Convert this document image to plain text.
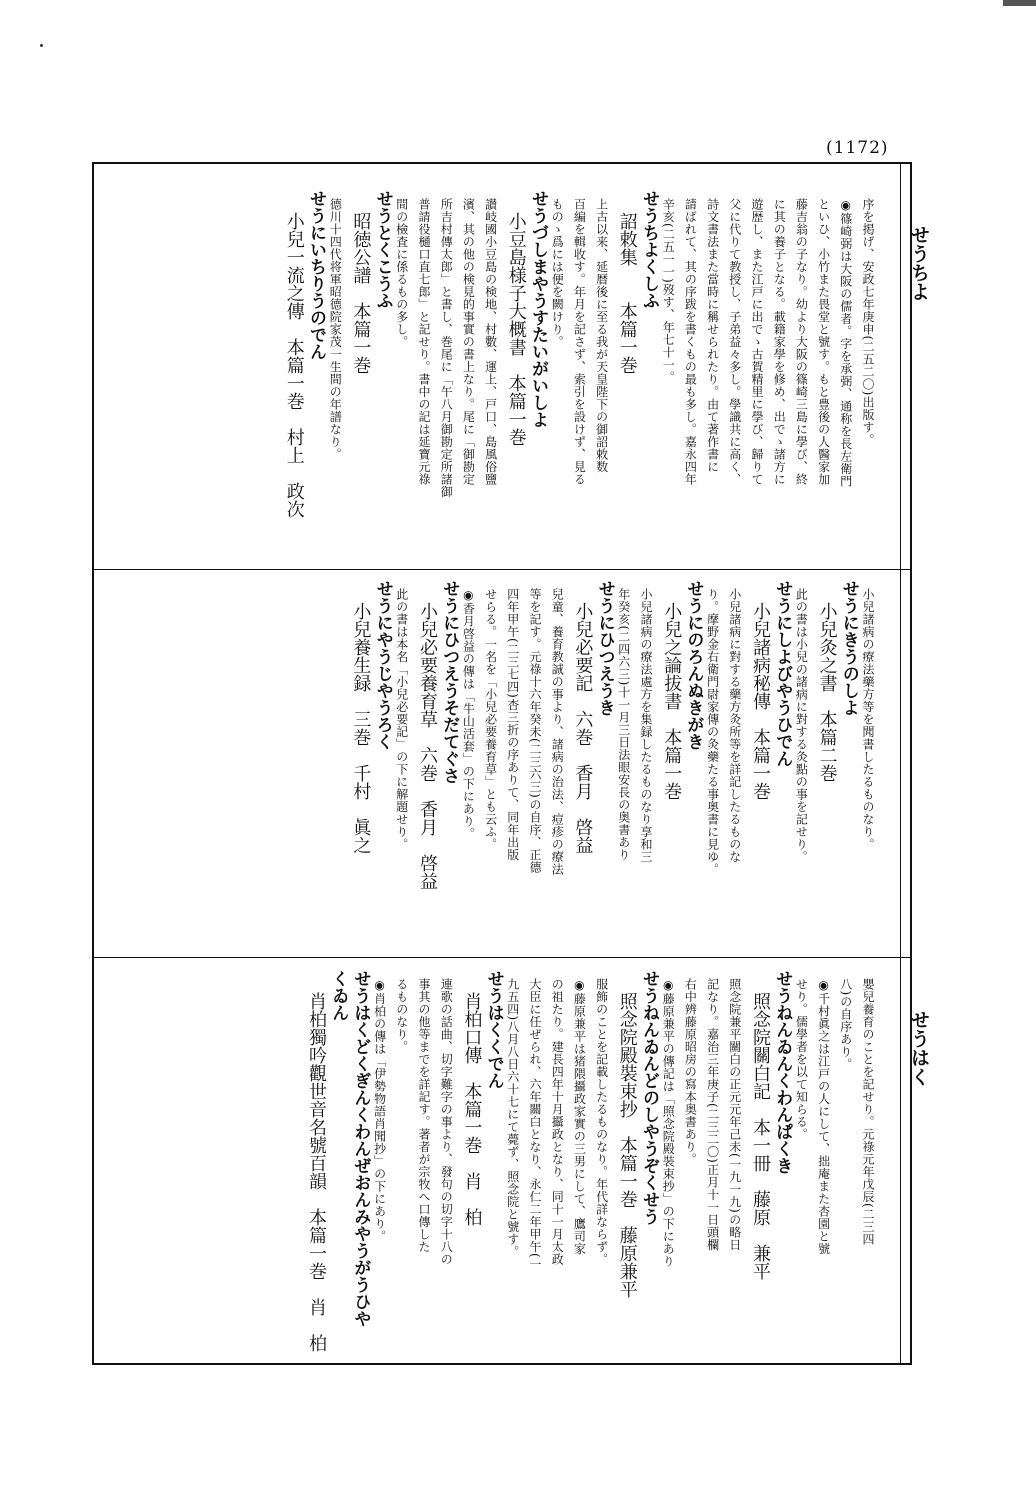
(1172)
せうちよ
せうはく
序を掲げ、安政七年庚申(二五二〇)出版す。
◉篠崎弼は大阪の儒者。字を承弼、通称を長左衛門
といひ、小竹また畏堂と號す。もと豊後の人醫家加
藤吉翁の子なり。幼より大阪の篠崎三島に學び、終
に其の養子となる。載籍家學を修め、出でゝ諸方に
遊歴し、また江戸に出でゝ古賀精里に學び、歸りて
父に代りて教授し、子弟益々多し。學識共に高く、
詩文書法また當時に稱せられたり。由て著作書に
請ばれて、其の序跋を書くもの最も多し。嘉永四年
辛亥(二五一一)歿す、年七十一。
せうちよくしふ
詔敕集　　本篇一巻
上古以来、延暦後に至る我が天皇陛下の御詔敕数
百編を輯收す。年月を記さず、索引を設けず、見る
ものゝ爲には便を闕けり。
せうづしまやうすたいがいしよ
小豆島様子大概書　本篇一巻
讃岐國小豆島の検地、村數、運上、戸口、島風俗鹽
濱、其の他の検見的事實の書上なり。尾に「御勘定
所吉村傳太郎」と書し、巻尾に「午八月御勘定所諸御
普請役樋口直七郎」と記せり。書中の記は延寶元祿
間の檢査に係るもの多し。
せうとくこうふ
昭徳公譜　本篇一巻
德川十四代将軍昭德院家茂一生間の年譜なり。
せうにいちりうのでん
小兒一流之傳　本篇一巻　村上　政次
小兒諸病の療法藥方等を聞書したるものなり。
せうにきうのしよ
小兒灸之書　本篇二巻
此の書は小兒の諸病に對する灸點の事を記せり。
せうにしよびやうひでん
小兒諸病秘傳　本篇一巻
小兒諸病に對する藥方灸所等を詳記したるものな
り。摩野金右衛門尉家傳の灸藥たる事奥書に見ゆ。
せうにのろんぬきがき
小兒之論拔書　本篇一巻
小兒諸病の療法處方を集録したるものなり享和三
年癸亥(二四六三)十一月三日法眼安長の奥書あり
せうにひつえうき
小兒必要記　六巻　香月　啓益
兒童、養育教誠の事より、諸病の治法、痘疹の療法
等を記す。元祿十六年癸未(二三六三)の自序、正德
四年甲午(二三七四)杏三折の序ありて、同年出版
せらる。一名を「小兒必要養育草」とも云ふ。
◉香月啓益の傳は「牛山活套」の下にあり。
せうにひつえうそだてぐさ
小兒必要養育草　六巻　香月　啓益
此の書は本名「小兒必要記」の下に解題せり。
せうにやうじやうろく
小兒養生録　三巻　千村　眞之
嬰兒養育のことを記せり。元祿元年戊辰(二三四
八)の自序あり。
◉千村眞之は江戸の人にして、拙庵また杏園と號
せり。儒學者を以て知らる。
せうねんゐんくわんぱくき
照念院關白記　本一冊　藤原　兼平
照念院兼平關白の正元元年己未(一九一九)の略日
記なり。嘉治三年庚子(二三二〇)正月十一日頭欄
右中辨藤原昭房の寫本奥書あり。
◉藤原兼平の傳記は「照念院殿裝束抄」の下にあり
せうねんゐんどのしやうぞくせう
照念院殿裝束抄　本篇一巻　藤原兼平
服飾のことを記載したるものなり。年代詳ならず。
◉藤原兼平は猪隈攝政家實の三男にして、鷹司家
の祖たり。建長四年十月攝政となり、同十一月太政
大臣に任ぜられ、六年關白となり、永仁二年甲午(一
九五四)八月八日六十七にて薨ず、照念院と號す。
せうはくくでん
肖柏口傳　本篇一巻　肖　柏
連歌の話曲、切字難字の事より、發句の切字十八の
事其の他等までを詳記す。著者が宗牧へ口傳した
るものなり。
◉肖柏の傳は「伊勢物語肖聞抄」の下にあり。
せうはくどくぎんくわんぜおんみやうがうひや
くゐん
肖柏獨吟觀世音名號百韻　本篇一巻　肖　柏
